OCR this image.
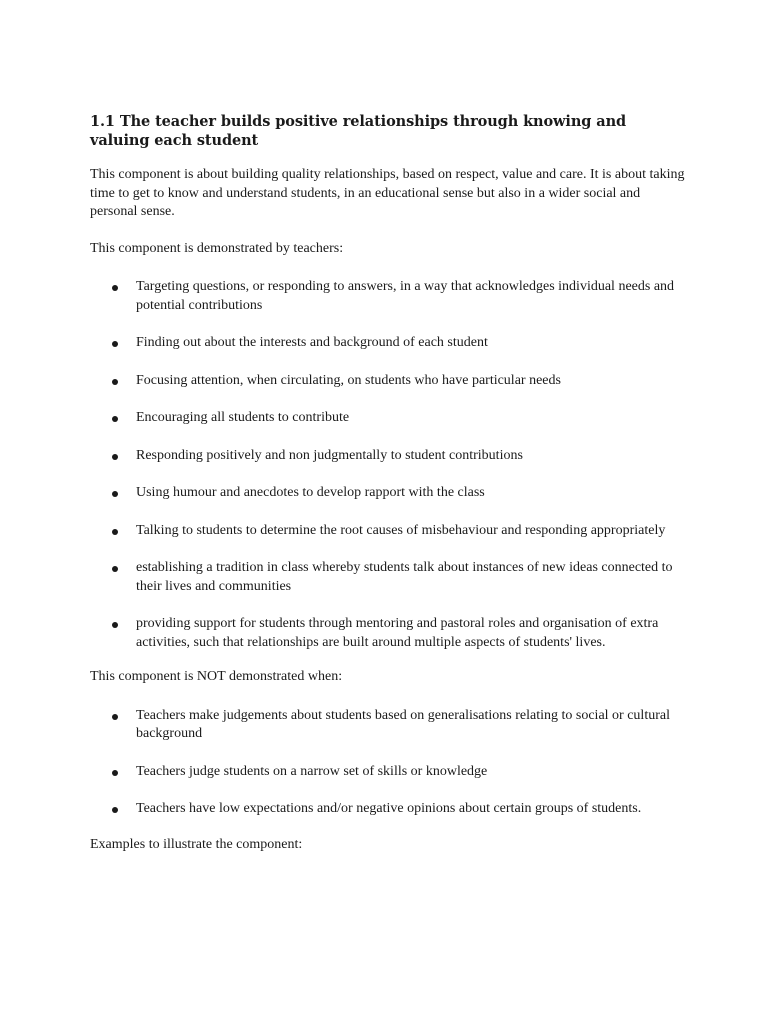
1.1 The teacher builds positive relationships through knowing and valuing each student

This component is about building quality relationships, based on respect, value and care. It is about taking time to get to know and understand students, in an educational sense but also in a wider social and personal sense.

This component is demonstrated by teachers:

Targeting questions, or responding to answers, in a way that acknowledges individual needs and potential contributions
Finding out about the interests and background of each student
Focusing attention, when circulating, on students who have particular needs
Encouraging all students to contribute
Responding positively and non judgmentally to student contributions
Using humour and anecdotes to develop rapport with the class
Talking to students to determine the root causes of misbehaviour and responding appropriately
establishing a tradition in class whereby students talk about instances of new ideas connected to their lives and communities
providing support for students through mentoring and pastoral roles and organisation of extra activities, such that relationships are built around multiple aspects of students' lives.

This component is NOT demonstrated when:

Teachers make judgements about students based on generalisations relating to social or cultural background
Teachers judge students on a narrow set of skills or knowledge
Teachers have low expectations and/or negative opinions about certain groups of students.

Examples to illustrate the component:
